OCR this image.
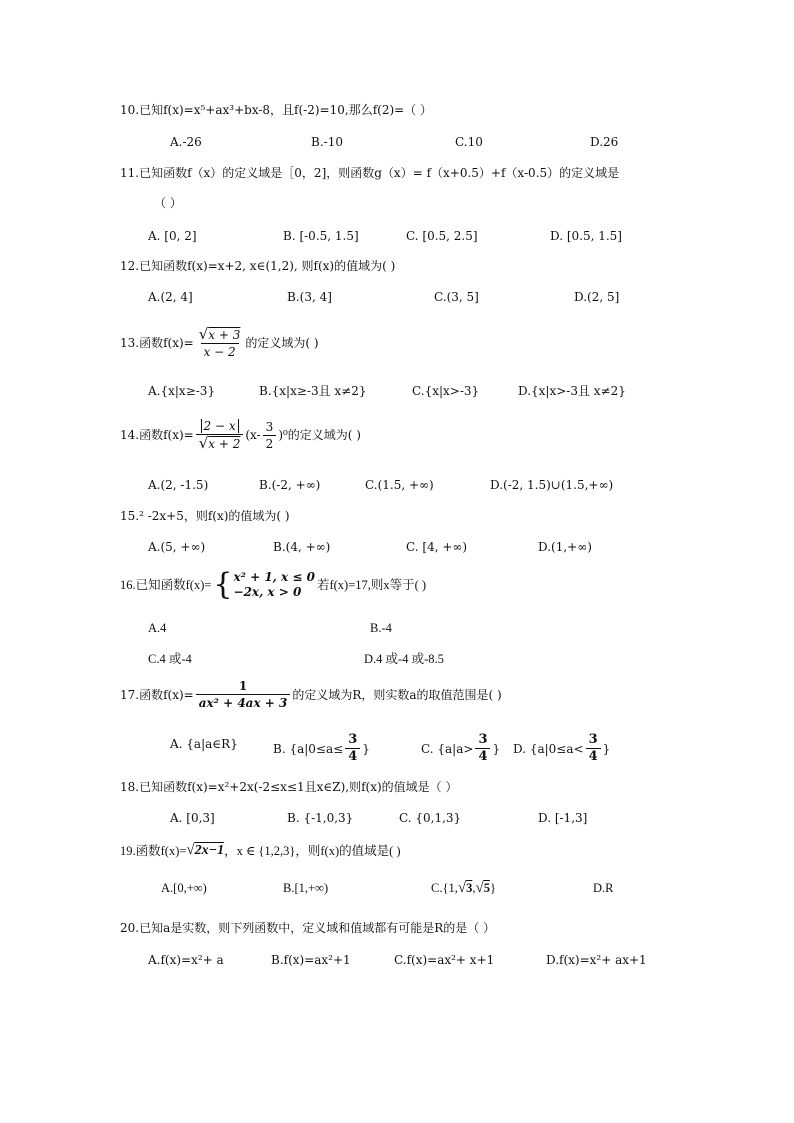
10.已知f(x)=x⁵+ax³+bx-8，且f(-2)=10,那么f(2)=（ ）
A.-26	B.-10	C.10	D.26
11.已知函数f（x）的定义域是［0，2]，则函数g（x）= f（x+0.5）+f（x-0.5）的定义域是
（ ）
A. [0, 2]	B. [-0.5, 1.5]	C. [0.5, 2.5]	D. [0.5, 1.5]
12.已知函数f(x)=x+2, x∈(1,2), 则f(x)的值域为( )
A.(2, 4]	B.(3, 4]	C.(3, 5]	D.(2, 5]
13.函数$f(x)= \frac{√x + 3}{x - 2}$ 的定义域为( )
A.{x|x≥-3}	B.{x|x≥-3且 x≠2}	C.{x|x>-3}	D.{x|x>-3且 x≠2}
14.函数$f(x)= \frac{2 - x}{√x + 2} (x- \frac{3}{2} )^0$的定义域为( )
A.(2, -1.5)	B.(-2, +∞)	C.(1.5, +∞)	D.(-2, 1.5)∪(1.5,+∞)
15.² -2x+5，则f(x)的值域为( )
A.(5, +∞)	B.(4, +∞)	C. [4, +∞)	D.(1,+∞)
16.已知函数f(x)= { x² + 1, x ≤ 0
−2x, x > 0	若f(x)=17,则x等于( )
A.4	B.-4
C.4 或-4	D.4 或-4 或-8.5
17.函数$f(x)= \frac{1}{\text{ax² + 4ax + 3}}$ 的定义域为R，则实数a的取值范围是( )
A. {a|a∈R}	B. {$a|0\le a\le \frac{3}{4}$ }	C. {$a|a> \frac{3}{4}$ } D. {$a|0\le a< \frac{3}{4}$ }
18.已知函数f(x)=x²+2x(-2≤x≤1且x∈Z),则f(x)的值域是（ ）
A. [0,3]	B. {-1,0,3}	C. {0,1,3}	D. [-1,3]
19.函数f(x)= √2x−1 ，x ∈ {1,2,3}，则f(x)的值域是( )
A.[0,+∞)	B.[1,+∞)	C.{1, √3 , √5 }	D.R
20.已知a是实数，则下列函数中，定义域和值域都有可能是R的是（ ）
A.f(x)=x²+ a	B.f(x)=ax²+1	C.f(x)=ax²+ x+1	D.f(x)=x²+ ax+1
